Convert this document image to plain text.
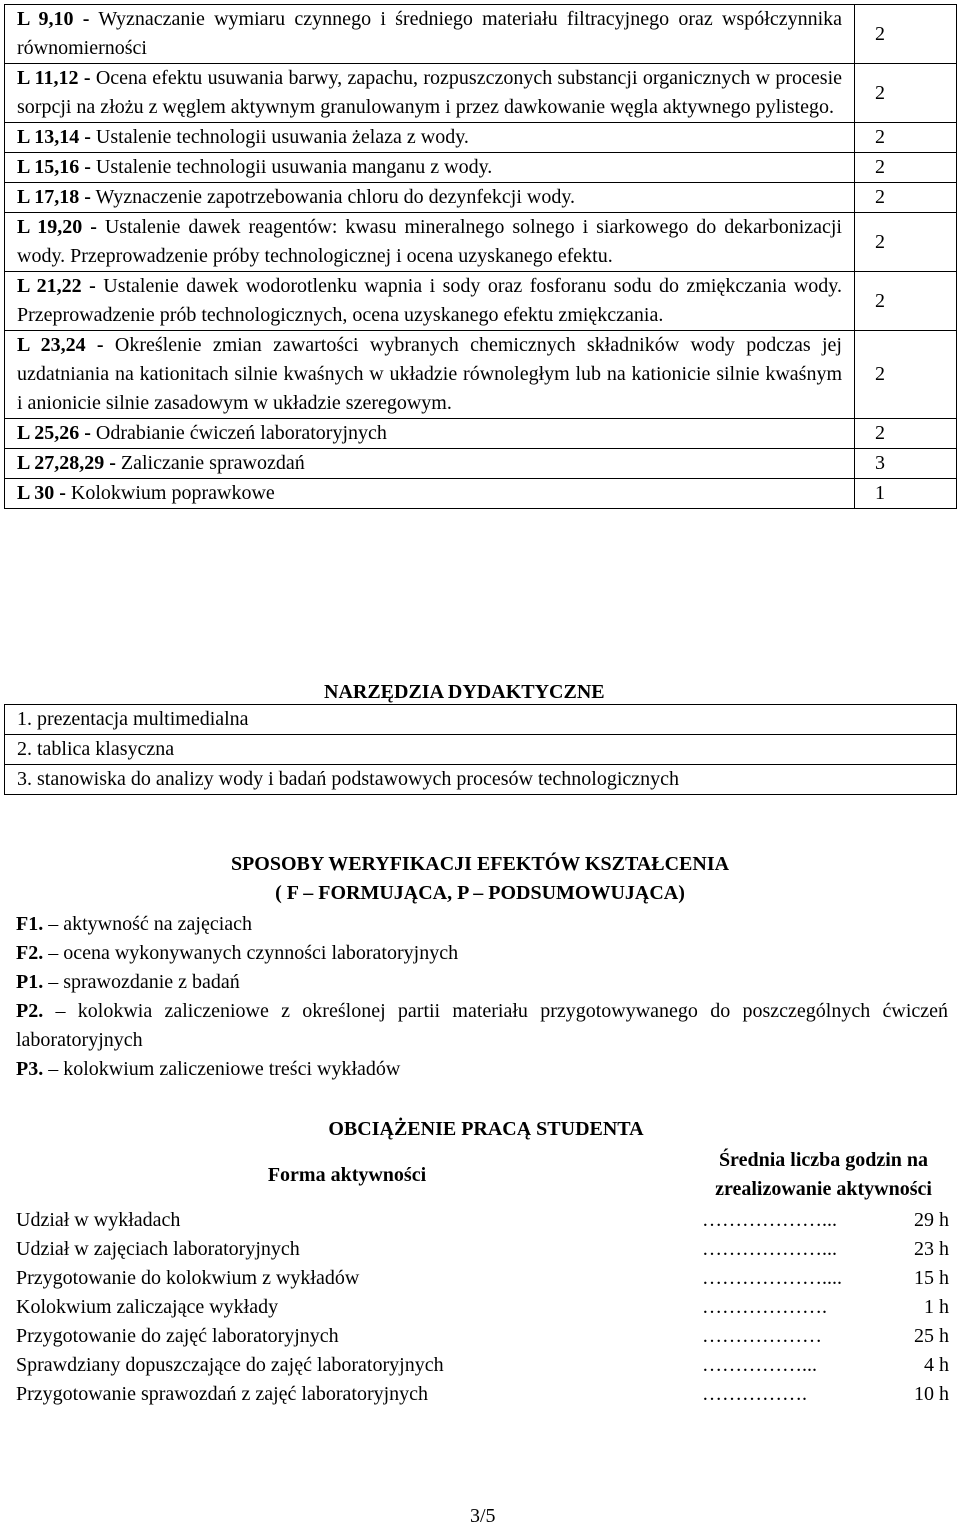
L 9,10 - Wyznaczanie wymiaru czynnego i średniego materiału filtracyjnego oraz współczynnika równomierności	2
L 11,12 - Ocena efektu usuwania barwy, zapachu, rozpuszczonych substancji organicznych w procesie sorpcji na złożu z węglem aktywnym granulowanym i przez dawkowanie węgla aktywnego pylistego.	2
L 13,14 - Ustalenie technologii usuwania żelaza z wody.	2
L 15,16 - Ustalenie technologii usuwania manganu z wody.	2
L 17,18 - Wyznaczenie zapotrzebowania chloru do dezynfekcji wody.	2
L 19,20 - Ustalenie dawek reagentów: kwasu mineralnego solnego i siarkowego do dekarbonizacji wody. Przeprowadzenie próby technologicznej i ocena uzyskanego efektu.	2
L 21,22 - Ustalenie dawek wodorotlenku wapnia i sody oraz fosforanu sodu do zmiękczania wody. Przeprowadzenie prób technologicznych, ocena uzyskanego efektu zmiękczania.	2
L 23,24 - Określenie zmian zawartości wybranych chemicznych składników wody podczas jej uzdatniania na kationitach silnie kwaśnych w układzie równoległym lub na kationicie silnie kwaśnym i anionicie silnie zasadowym w układzie szeregowym.	2
L 25,26 - Odrabianie ćwiczeń laboratoryjnych	2
L 27,28,29 - Zaliczanie sprawozdań	3
L 30 - Kolokwium poprawkowe	1
NARZĘDZIA DYDAKTYCZNE
1. prezentacja multimedialna
2. tablica klasyczna
3. stanowiska do analizy wody i badań podstawowych procesów technologicznych
SPOSOBY WERYFIKACJI EFEKTÓW KSZTAŁCENIA
( F – FORMUJĄCA, P – PODSUMOWUJĄCA)
F1. – aktywność na zajęciach
F2. – ocena wykonywanych czynności laboratoryjnych
P1. – sprawozdanie z badań
P2. – kolokwia zaliczeniowe z określonej partii materiału przygotowywanego do poszczególnych ćwiczeń laboratoryjnych
P3. – kolokwium zaliczeniowe treści wykładów
OBCIĄŻENIE PRACĄ STUDENTA
Forma aktywności	Średnia liczba godzin na zrealizowanie aktywności
Udział w wykładach	………………... 29 h

Udział w zajęciach laboratoryjnych	………………... 23 h

Przygotowanie do kolokwium z wykładów	……………….... 15 h

Kolokwium zaliczające wykłady	………………. 1 h

Przygotowanie do zajęć laboratoryjnych	……………… 25 h

Sprawdziany dopuszczające do zajęć laboratoryjnych	……………... 4 h

Przygotowanie sprawozdań z zajęć laboratoryjnych	……………. 10 h
3/5
